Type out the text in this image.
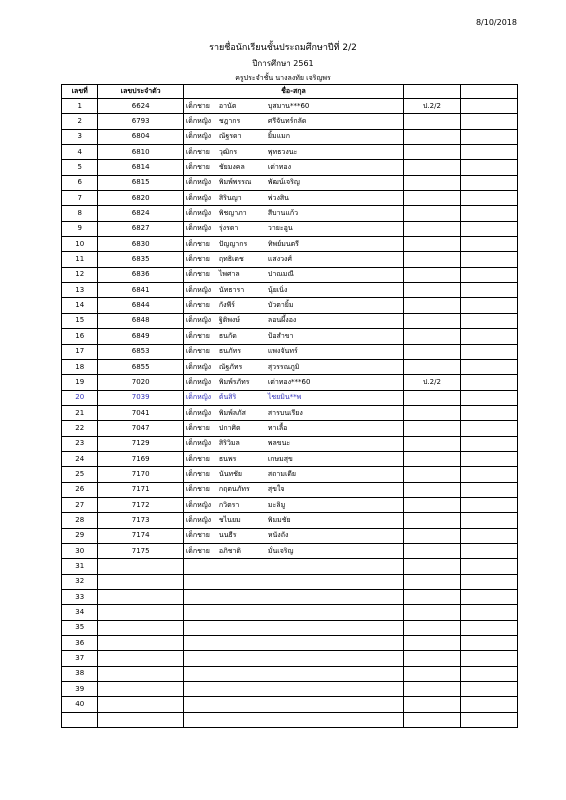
8/10/2018
รายชื่อนักเรียนชั้นประถมศึกษาปีที่ 2/2
ปีการศึกษา 2561
ครูประจำชั้น นางลงทัย เจริญพร
เลขที่	เลขประจำตัว	ชื่อ-สกุล		
1	6624	เด็กชาย อานัต บุสมาน***60	ป.2/2	
2	6793	เด็กหญิง ชฎากร ศรีจันทร์กลัด		
3	6804	เด็กหญิง ณัฐรดา ยิ้มแมก		
4	6810	เด็กชาย วุฒิกร พุทธวงนะ		
5	6814	เด็กชาย ชัยมงคล เต่าทอง		
6	6815	เด็กหญิง พิมพ์พรรณ พัฒน์เจริญ		
7	6820	เด็กหญิง สิรินญา พ่วงสิน		
8	6824	เด็กหญิง พิชญาภา สีบานแก้ว		
9	6827	เด็กหญิง รุ่งรดา วายะอูน		
10	6830	เด็กชาย ปัญญากร ทิพย์มนตรี		
11	6835	เด็กชาย ฤทธิเดช แสงวงศ์		
12	6836	เด็กชาย ไพศาล ปาณมณี		
13	6841	เด็กหญิง นัทธารา นุ้ยเนิ่ง		
14	6844	เด็กชาย กังพีร์ บัวตายิ้ม		
15	6848	เด็กหญิง ฐิติพงษ์ ลอนผึ้งอง		
16	6849	เด็กชาย ธนกัด ป้อสำขา		
17	6853	เด็กชาย ธนภัทร แพงจันทร์		
18	6855	เด็กหญิง ณัฐภัทร สุวรรณภูมิ		
19	7020	เด็กหญิง พิมพ์รภัทร เต่าทอง***60	ป.2/2	
20	7039	เด็กหญิง ต้นสิริ ไชยมิน**พ		
21	7041	เด็กหญิง พิมพ์ลภัส สารบนเรียง		
22	7047	เด็กชาย ปกาศิต ทาเลื้อ		
23	7129	เด็กหญิง สิริวิมล พลขนะ		
24	7169	เด็กชาย ธนพร เกษมสุข		
25	7170	เด็กชาย นันทชัย สถามเดีย		
26	7171	เด็กชาย กฤตนภัทร สุขใจ		
27	7172	เด็กหญิง กวิตรา มะลิมู		
28	7173	เด็กหญิง ชไนยม พิมมชัย		
29	7174	เด็กชาย นนธีร หนังถัง		
30	7175	เด็กชาย อภิชาติ มั่นเจริญ		
31				
32				
33				
34				
35				
36				
37				
38				
39				
40				
